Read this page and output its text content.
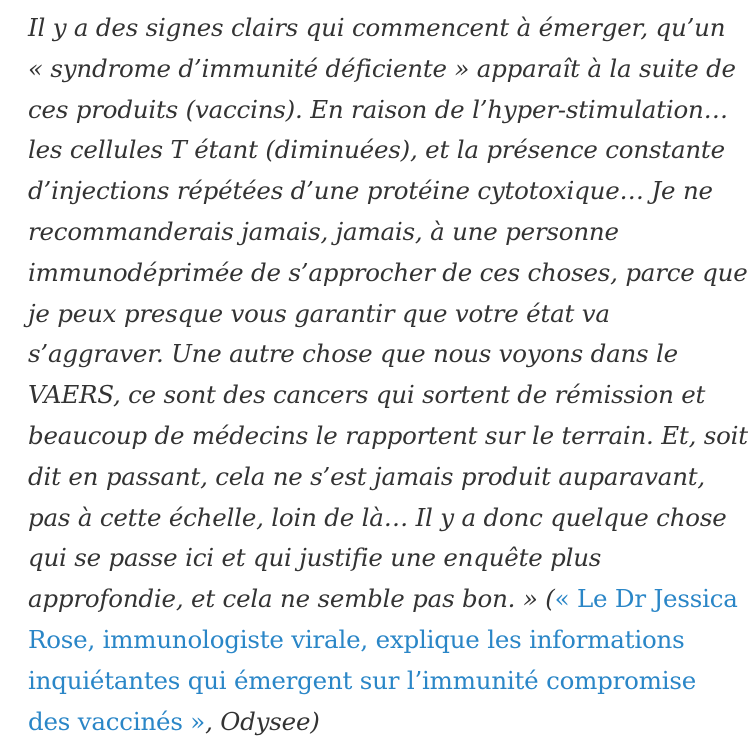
Il y a des signes clairs qui commencent à émerger, qu’un
« syndrome d’immunité déficiente » apparaît à la suite de
ces produits (vaccins). En raison de l’hyper-stimulation…
les cellules T étant (diminuées), et la présence constante
d’injections répétées d’une protéine cytotoxique… Je ne
recommanderais jamais, jamais, à une personne
immunodéprimée de s’approcher de ces choses, parce que
je peux presque vous garantir que votre état va
s’aggraver. Une autre chose que nous voyons dans le
VAERS, ce sont des cancers qui sortent de rémission et
beaucoup de médecins le rapportent sur le terrain. Et, soit
dit en passant, cela ne s’est jamais produit auparavant,
pas à cette échelle, loin de là… Il y a donc quelque chose
qui se passe ici et qui justifie une enquête plus
approfondie, et cela ne semble pas bon. » (« Le Dr Jessica
Rose, immunologiste virale, explique les informations
inquiétantes qui émergent sur l’immunité compromise
des vaccinés », Odysee)
